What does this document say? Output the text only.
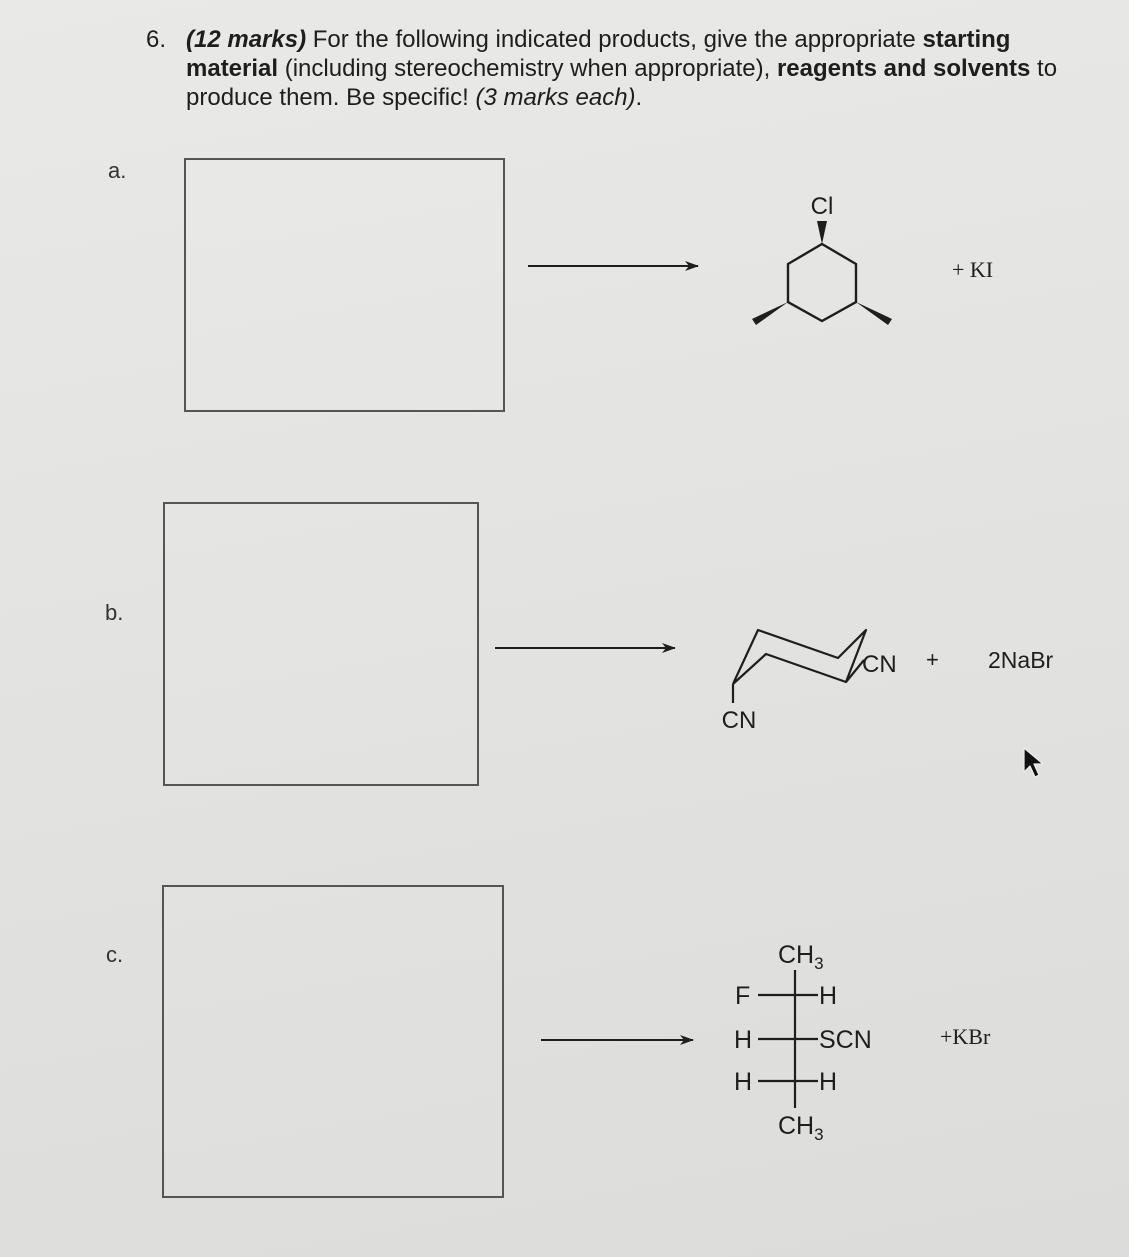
6. (12 marks) For the following indicated products, give the appropriate starting material (including stereochemistry when appropriate), reagents and solvents to produce them. Be specific! (3 marks each).
a.
b.
c.
Cl
+ KI
CN
CN
+ 2NaBr
$CH_3$
$CH_3$
F	H
H	SCN
H	H
+KBr
